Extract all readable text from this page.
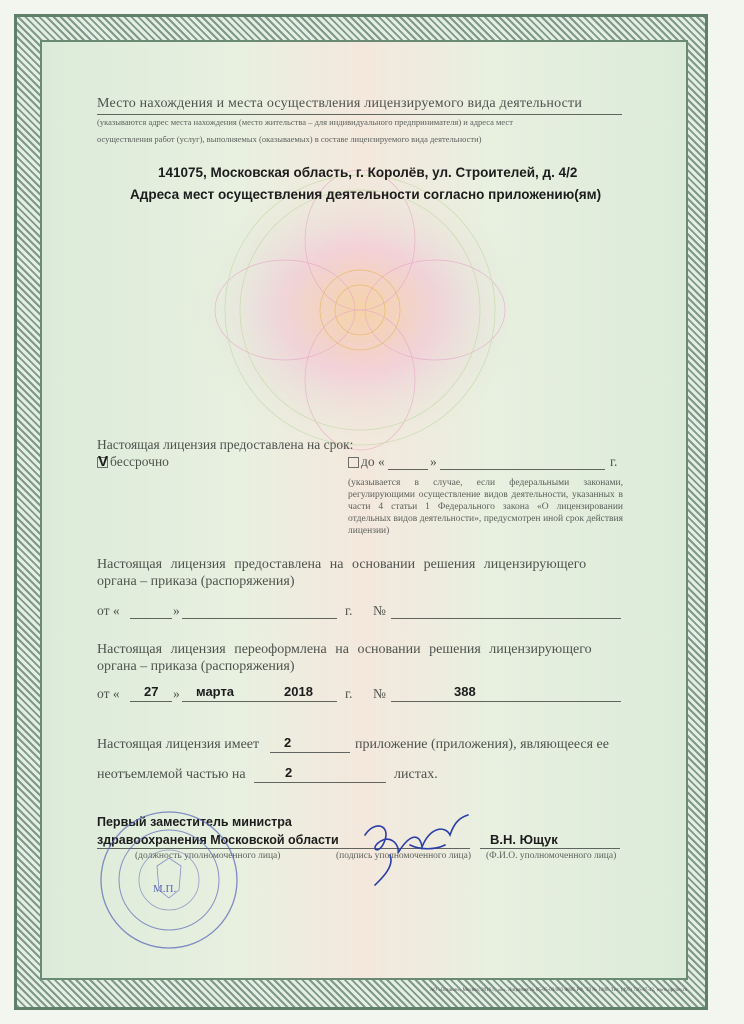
Место нахождения и места осуществления лицензируемого вида деятельности
(указываются адрес места нахождения (место жительства – для индивидуального предпринимателя) и адреса мест
осуществления работ (услуг), выполняемых (оказываемых) в составе лицензируемого вида деятельности)
141075, Московская область, г. Королёв, ул. Строителей, д. 4/2
Адреса мест осуществления деятельности согласно приложению(ям)
Настоящая лицензия предоставлена на срок:
V бессрочно	до «	»	г.
(указывается в случае, если федеральными законами, регулирующими осуществление видов деятельности, указанных в части 4 статьи 1 Федерального закона «О лицензировании отдельных видов деятельности», предусмотрен иной срок действия лицензии)
Настоящая лицензия предоставлена на основании решения лицензирующего
органа – приказа (распоряжения)
от «	»	г. №
Настоящая лицензия переоформлена на основании решения лицензирующего
органа – приказа (распоряжения)
от « 27 » марта	2018 г. №	388
Настоящая лицензия имеет 2	приложение (приложения), являющееся ее
неотъемлемой частью на	2	листах.
Первый заместитель министра
здравоохранения Московской области
(должность уполномоченного лица)	(подпись уполномоченного лица)
В.Н. Ющук
(Ф.И.О. уполномоченного лица)
М.П.
АО «Опцион», Москва, 2016 г., «Б». Лицензия № 05-05-09/003 ФНС РФ, ТЗ № 1208. Тел. (495) 726-47-42, www.opcion.ru
